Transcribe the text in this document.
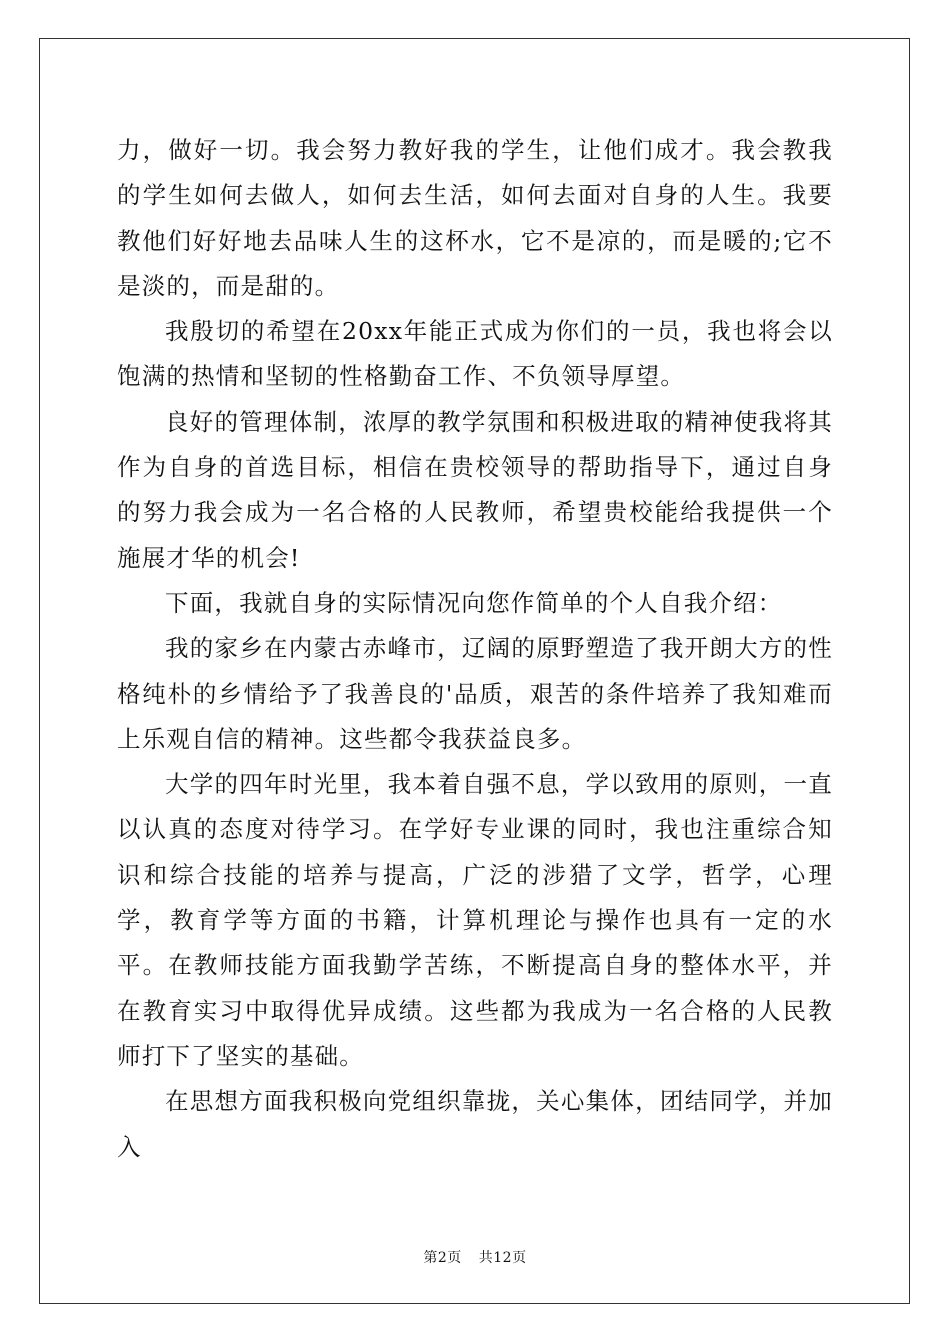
力，做好一切。我会努力教好我的学生，让他们成才。我会教我的学生如何去做人，如何去生活，如何去面对自身的人生。我要教他们好好地去品味人生的这杯水，它不是凉的，而是暖的;它不是淡的，而是甜的。

我殷切的希望在20xx年能正式成为你们的一员，我也将会以饱满的热情和坚韧的性格勤奋工作、不负领导厚望。

良好的管理体制，浓厚的教学氛围和积极进取的精神使我将其作为自身的首选目标，相信在贵校领导的帮助指导下，通过自身的努力我会成为一名合格的人民教师，希望贵校能给我提供一个施展才华的机会!

下面，我就自身的实际情况向您作简单的个人自我介绍：

我的家乡在内蒙古赤峰市，辽阔的原野塑造了我开朗大方的性格纯朴的乡情给予了我善良的'品质，艰苦的条件培养了我知难而上乐观自信的精神。这些都令我获益良多。

大学的四年时光里，我本着自强不息，学以致用的原则，一直以认真的态度对待学习。在学好专业课的同时，我也注重综合知识和综合技能的培养与提高，广泛的涉猎了文学，哲学，心理学，教育学等方面的书籍，计算机理论与操作也具有一定的水平。在教师技能方面我勤学苦练，不断提高自身的整体水平，并在教育实习中取得优异成绩。这些都为我成为一名合格的人民教师打下了坚实的基础。

在思想方面我积极向党组织靠拢，关心集体，团结同学，并加入

第2页 共12页
